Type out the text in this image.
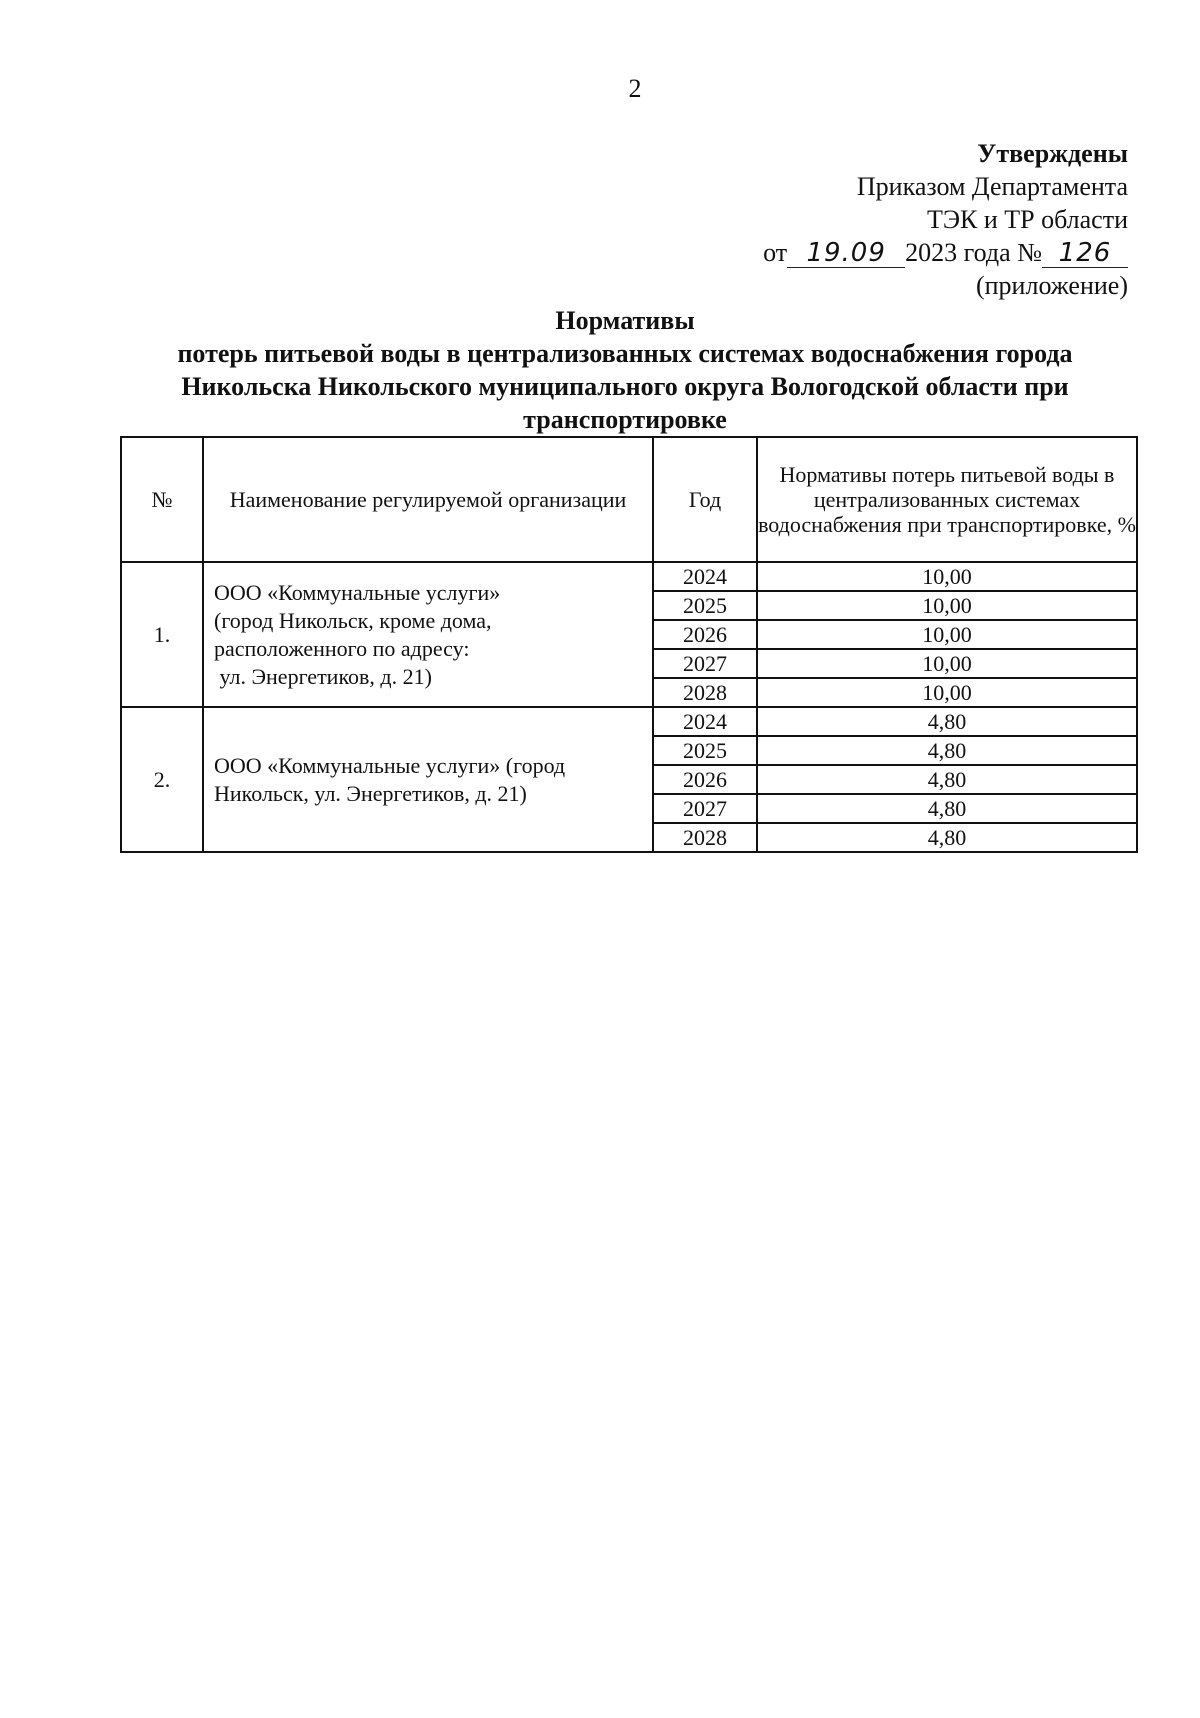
2
Утверждены
Приказом Департамента
ТЭК и ТР области
от 19.09 2023 года № 126
(приложение)
Нормативы
потерь питьевой воды в централизованных системах водоснабжения города
Никольска Никольского муниципального округа Вологодской области при
транспортировке
№	Наименование регулируемой организации	Год	Нормативы потерь питьевой воды в централизованных системах водоснабжения при транспортировке, %
1.	ООО «Коммунальные услуги»
(город Никольск, кроме дома,
расположенного по адресу:
ул. Энергетиков, д. 21)	2024	10,00
		2025	10,00
		2026	10,00
		2027	10,00
		2028	10,00
2.	ООО «Коммунальные услуги» (город
Никольск, ул. Энергетиков, д. 21)	2024	4,80
		2025	4,80
		2026	4,80
		2027	4,80
		2028	4,80
